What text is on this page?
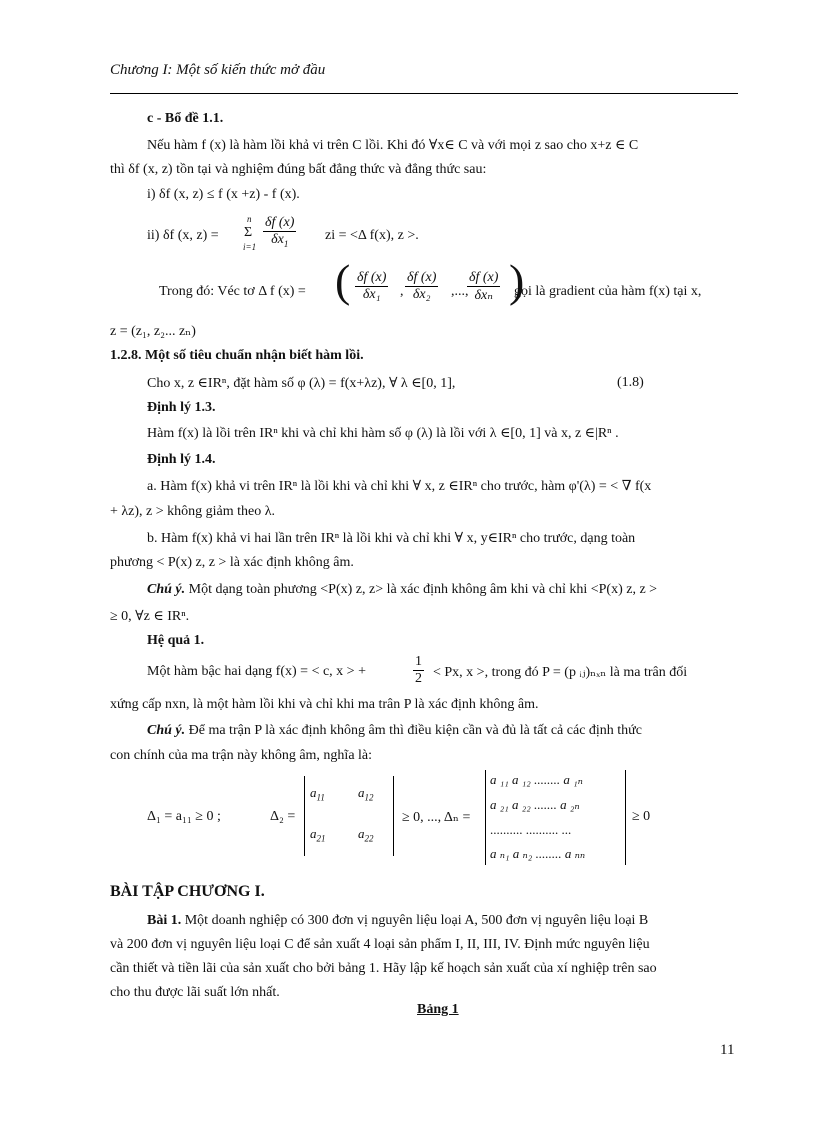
Chương I: Một số kiến thức mở đầu
c - Bổ đề 1.1.
Nếu hàm f (x) là hàm lồi khả vi trên C lồi. Khi đó ∀x∈ C và với mọi z sao cho x+z ∈ C
thì δf (x, z) tồn tại và nghiệm đúng bất đẳng thức và đẳng thức sau:
i) δf (x, z) ≤ f (x +z) - f (x).
ii) δf (x, z) =
n
Σ
$i=1 \frac{\delta f (x)}{\delta x_1}$ zi = <Δ f(x), z >.
Trong đó: Véc tơ Δ f (x) = ( $\frac{\delta f (x)}{\text{δx₁}}$ , $\frac{\delta f (x)}{\text{δx₂}}$ ,...,
δf (x)
δxₙ )
gọi là gradient của hàm f(x) tại x,
z = (z₁, z₂... zₙ)
1.2.8. Một số tiêu chuẩn nhận biết hàm lồi.
Cho x, z ∈IRⁿ, đặt hàm số φ (λ) = f(x+λz), ∀ λ ∈[0, 1],	(1.8)
Định lý 1.3.
Hàm f(x) là lồi trên IRⁿ khi và chỉ khi hàm số φ (λ) là lồi với λ ∈[0, 1] và x, z ∈|Rⁿ .
Định lý 1.4.
a. Hàm f(x) khả vi trên IRⁿ là lồi khi và chỉ khi ∀ x, z ∈IRⁿ cho trước, hàm φ'(λ) = < ∇ f(x
+ λz), z > không giảm theo λ.
b. Hàm f(x) khả vi hai lần trên IRⁿ là lồi khi và chỉ khi ∀ x, y∈IRⁿ cho trước, dạng toàn
phương < P(x) z, z > là xác định không âm.
Chú ý. Một dạng toàn phương <P(x) z, z> là xác định không âm khi và chỉ khi <P(x) z, z >
≥ 0, ∀z ∈ IRⁿ.
Hệ quả 1.
Một hàm bậc hai dạng f(x) = < c, x > +	$\frac{1}{2} < Px$, x >, trong đó P = (p ᵢⱼ)ₙₓₙ là ma trân đối
xứng cấp nxn, là một hàm lồi khi và chỉ khi ma trân P là xác định không âm.
Chú ý. Để ma trận P là xác định không âm thì điều kiện cần và đủ là tất cả các định thức
con chính của ma trận này không âm, nghĩa là:
Δ₁ = a₁₁ ≥ 0 ;	Δ₂ =
$a_{11}$	$a_{12}$
$a_{21}$	$a_{22}$
≥ 0, ..., Δₙ =
a ₁₁ a ₁₂ ........ a ₁ₙ
a ₂₁ a ₂₂ ....... a ₂ₙ
.......... .......... ...
a ₙ₁ a ₙ₂ ........ a ₙₙ
≥ 0
BÀI TẬP CHƯƠNG I.
Bài 1. Một doanh nghiệp có 300 đơn vị nguyên liệu loại A, 500 đơn vị nguyên liệu loại B
và 200 đơn vị nguyên liệu loại C để sản xuất 4 loại sản phẩm I, II, III, IV. Định mức nguyên liệu
cần thiết và tiền lãi của sản xuất cho bởi bảng 1. Hãy lập kế hoạch sản xuất của xí nghiệp trên sao
cho thu được lãi suất lớn nhất.
Bảng 1
11
